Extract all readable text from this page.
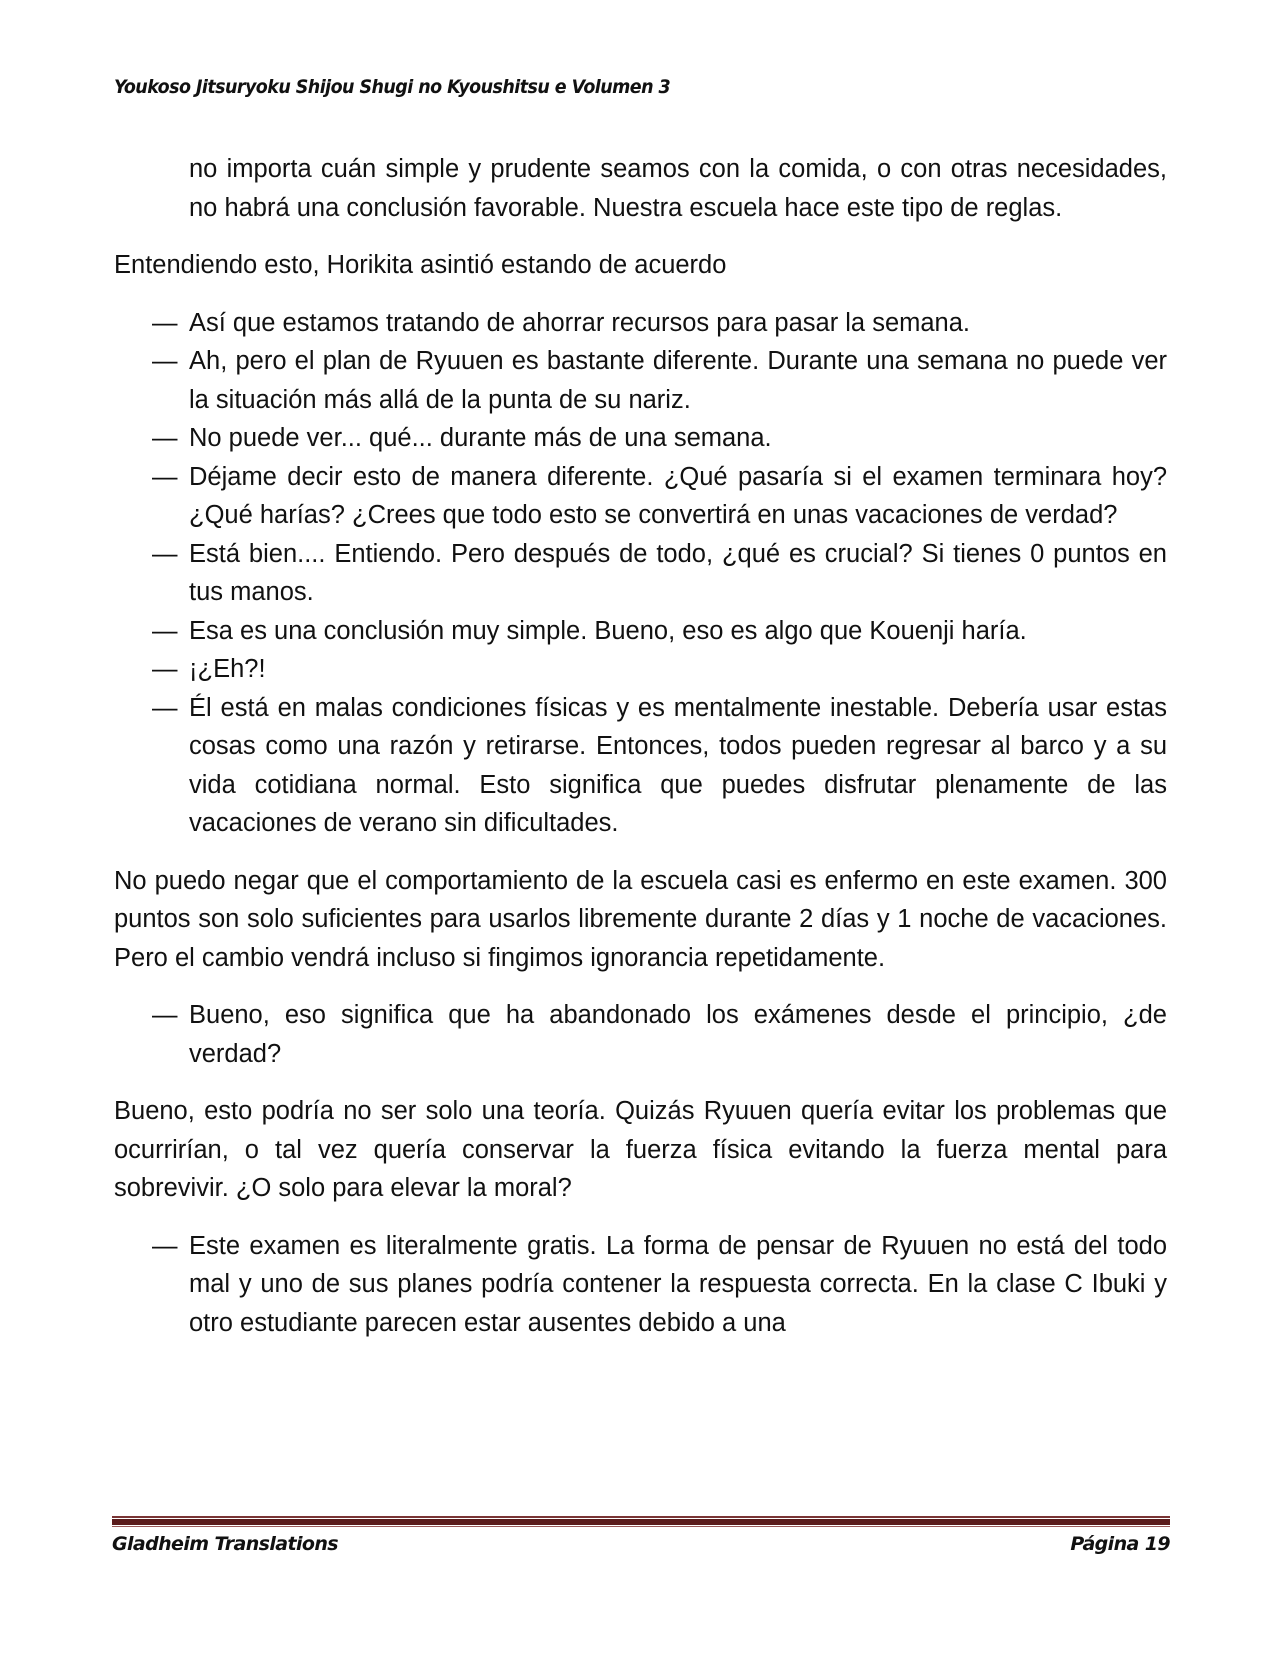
Youkoso Jitsuryoku Shijou Shugi no Kyoushitsu e Volumen 3

no importa cuán simple y prudente seamos con la comida, o con otras necesidades, no habrá una conclusión favorable. Nuestra escuela hace este tipo de reglas.

Entendiendo esto, Horikita asintió estando de acuerdo

— Así que estamos tratando de ahorrar recursos para pasar la semana.
— Ah, pero el plan de Ryuuen es bastante diferente. Durante una semana no puede ver la situación más allá de la punta de su nariz.
— No puede ver... qué... durante más de una semana.
— Déjame decir esto de manera diferente. ¿Qué pasaría si el examen terminara hoy? ¿Qué harías? ¿Crees que todo esto se convertirá en unas vacaciones de verdad?
— Está bien.... Entiendo. Pero después de todo, ¿qué es crucial? Si tienes 0 puntos en tus manos.
— Esa es una conclusión muy simple. Bueno, eso es algo que Kouenji haría.
— ¡¿Eh?!
— Él está en malas condiciones físicas y es mentalmente inestable. Debería usar estas cosas como una razón y retirarse. Entonces, todos pueden regresar al barco y a su vida cotidiana normal. Esto significa que puedes disfrutar plenamente de las vacaciones de verano sin dificultades.

No puedo negar que el comportamiento de la escuela casi es enfermo en este examen. 300 puntos son solo suficientes para usarlos libremente durante 2 días y 1 noche de vacaciones. Pero el cambio vendrá incluso si fingimos ignorancia repetidamente.

— Bueno, eso significa que ha abandonado los exámenes desde el principio, ¿de verdad?

Bueno, esto podría no ser solo una teoría. Quizás Ryuuen quería evitar los problemas que ocurrirían, o tal vez quería conservar la fuerza física evitando la fuerza mental para sobrevivir. ¿O solo para elevar la moral?

— Este examen es literalmente gratis. La forma de pensar de Ryuuen no está del todo mal y uno de sus planes podría contener la respuesta correcta. En la clase C Ibuki y otro estudiante parecen estar ausentes debido a una
Gladheim Translations	Página 19
